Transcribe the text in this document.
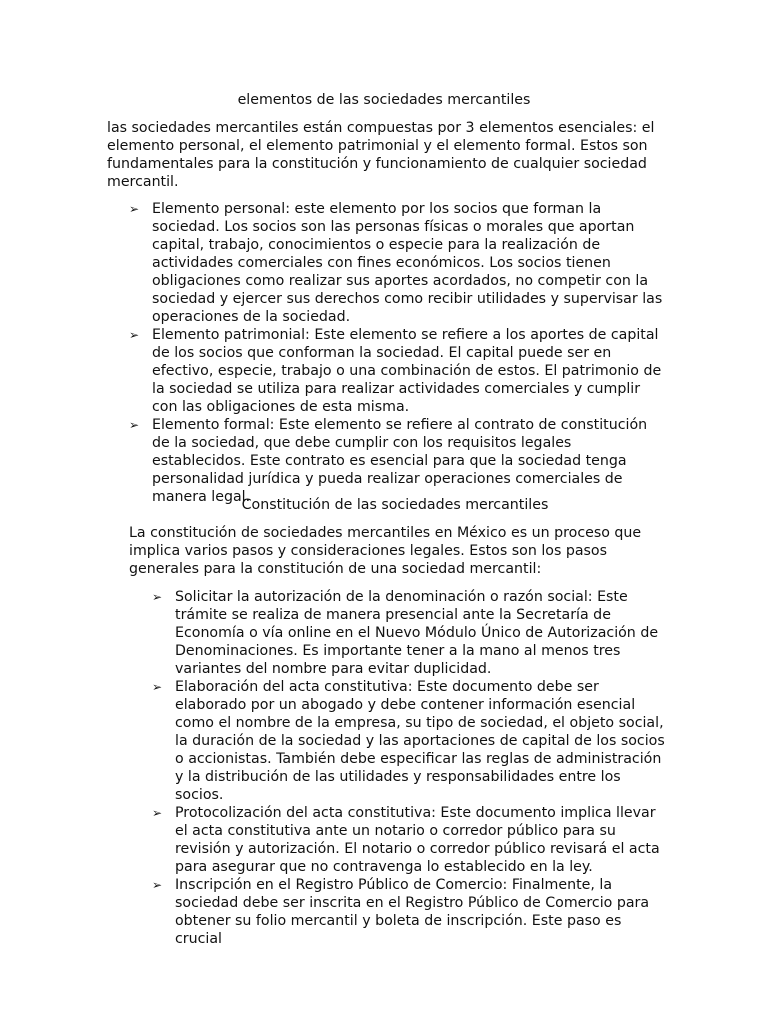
elementos de las sociedades mercantiles

las sociedades mercantiles están compuestas por 3 elementos esenciales: el elemento personal, el elemento patrimonial y el elemento formal. Estos son fundamentales para la constitución y funcionamiento de cualquier sociedad mercantil.

➢ Elemento personal: este elemento por los socios que forman la sociedad. Los socios son las personas físicas o morales que aportan capital, trabajo, conocimientos o especie para la realización de actividades comerciales con fines económicos. Los socios tienen obligaciones como realizar sus aportes acordados, no competir con la sociedad y ejercer sus derechos como recibir utilidades y supervisar las operaciones de la sociedad.
➢ Elemento patrimonial: Este elemento se refiere a los aportes de capital de los socios que conforman la sociedad. El capital puede ser en efectivo, especie, trabajo o una combinación de estos. El patrimonio de la sociedad se utiliza para realizar actividades comerciales y cumplir con las obligaciones de esta misma.
➢ Elemento formal: Este elemento se refiere al contrato de constitución de la sociedad, que debe cumplir con los requisitos legales establecidos. Este contrato es esencial para que la sociedad tenga personalidad jurídica y pueda realizar operaciones comerciales de manera legal.

Constitución de las sociedades mercantiles

La constitución de sociedades mercantiles en México es un proceso que implica varios pasos y consideraciones legales. Estos son los pasos generales para la constitución de una sociedad mercantil:

➢ Solicitar la autorización de la denominación o razón social: Este trámite se realiza de manera presencial ante la Secretaría de Economía o vía online en el Nuevo Módulo Único de Autorización de Denominaciones. Es importante tener a la mano al menos tres variantes del nombre para evitar duplicidad.
➢ Elaboración del acta constitutiva: Este documento debe ser elaborado por un abogado y debe contener información esencial como el nombre de la empresa, su tipo de sociedad, el objeto social, la duración de la sociedad y las aportaciones de capital de los socios o accionistas. También debe especificar las reglas de administración y la distribución de las utilidades y responsabilidades entre los socios.
➢ Protocolización del acta constitutiva: Este documento implica llevar el acta constitutiva ante un notario o corredor público para su revisión y autorización. El notario o corredor público revisará el acta para asegurar que no contravenga lo establecido en la ley.
➢ Inscripción en el Registro Público de Comercio: Finalmente, la sociedad debe ser inscrita en el Registro Público de Comercio para obtener su folio mercantil y boleta de inscripción. Este paso es crucial
